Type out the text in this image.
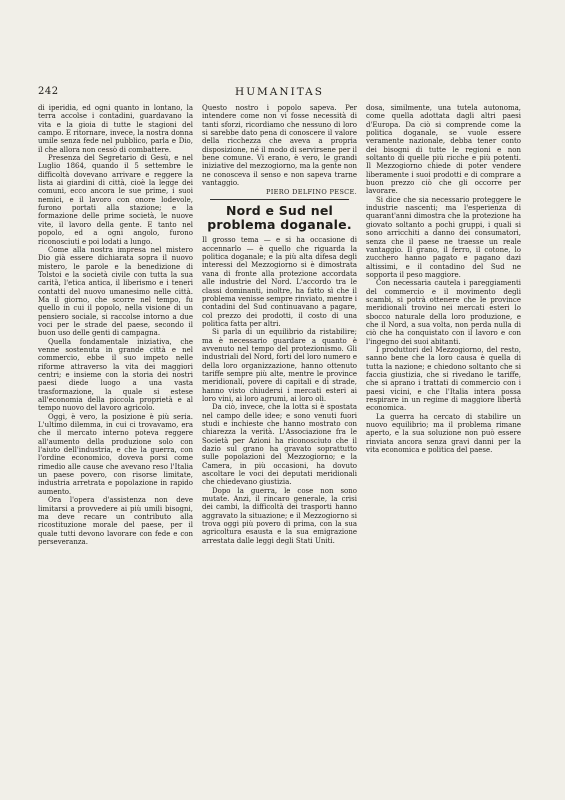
242	HUMANITAS

di iperidia, ed ogni quanto in lontano, la terra accolse i contadini, guardavano la vita e la gioia di tutte le stagioni del campo. E ritornare, invece, la nostra donna umile senza fede nel pubblico, parla e Dio, il che allora non cessò di combattere.

Presenza del Segretario di Gesù, e nel Luglio 1864, quando il 5 settembre le difficoltà dovevano arrivare e reggere la lista ai giardini di città, cioè la legge dei comuni, ecco ancora le sue prime, i suoi nemici, e il lavoro con onore lodevole, furono portati alla stazione; e la formazione delle prime società, le nuove vite, il lavoro della gente. E tanto nel popolo, ed a ogni angolo, furono riconosciuti e poi lodati a lungo.

Come alla nostra impresa nel mistero Dio già essere dichiarata sopra il nuovo mistero, le parole e la benedizione di Tolstoi e la società civile con tutta la sua carità, l'etica antica, il liberismo e i teneri contatti del nuovo umanesimo nelle città. Ma il giorno, che scorre nel tempo, fu quello in cui il popolo, nella visione di un pensiero sociale, si raccolse intorno a due voci per le strade del paese, secondo il buon uso delle genti di campagna.

Quella fondamentale iniziativa, che venne sostenuta in grande città e nel commercio, ebbe il suo impeto nelle riforme attraverso la vita dei maggiori centri; e insieme con la storia dei nostri paesi diede luogo a una vasta trasformazione, la quale si estese all'economia della piccola proprietà e al tempo nuovo del lavoro agricolo.

Oggi, è vero, la posizione è più seria. L'ultimo dilemma, in cui ci trovavamo, era che il mercato interno poteva reggere all'aumento della produzione solo con l'aiuto dell'industria, e che la guerra, con l'ordine economico, doveva porsi come rimedio alle cause che avevano reso l'Italia un paese povero, con risorse limitate, industria arretrata e popolazione in rapido aumento.

Ora l'opera d'assistenza non deve limitarsi a provvedere ai più umili bisogni, ma deve recare un contributo alla ricostituzione morale del paese, per il quale tutti devono lavorare con fede e con perseveranza.

Questo nostro i popolo sapeva. Per intendere come non vi fosse necessità di tanti sforzi, ricordiamo che nessuno di loro si sarebbe dato pena di conoscere il valore della ricchezza che aveva a propria disposizione, né il modo di servirsene per il bene comune. Vi erano, è vero, le grandi iniziative del mezzogiorno, ma la gente non ne conosceva il senso e non sapeva trarne vantaggio.

PIERO DELFINO PESCE.
Nord e Sud nel problema doganale.

Il grosso tema — e si ha occasione di accennarlo — è quello che riguarda la politica doganale; e la più alta difesa degli interessi del Mezzogiorno si è dimostrata vana di fronte alla protezione accordata alle industrie del Nord. L'accordo tra le classi dominanti, inoltre, ha fatto sì che il problema venisse sempre rinviato, mentre i contadini del Sud continuavano a pagare, col prezzo dei prodotti, il costo di una politica fatta per altri.

Si parla di un equilibrio da ristabilire; ma è necessario guardare a quanto è avvenuto nel tempo del protezionismo. Gli industriali del Nord, forti del loro numero e della loro organizzazione, hanno ottenuto tariffe sempre più alte, mentre le province meridionali, povere di capitali e di strade, hanno visto chiudersi i mercati esteri ai loro vini, ai loro agrumi, ai loro oli.

Da ciò, invece, che la lotta si è spostata nel campo delle idee; e sono venuti fuori studi e inchieste che hanno mostrato con chiarezza la verità. L'Associazione fra le Società per Azioni ha riconosciuto che il dazio sul grano ha gravato soprattutto sulle popolazioni del Mezzogiorno; e la Camera, in più occasioni, ha dovuto ascoltare le voci dei deputati meridionali che chiedevano giustizia.

Dopo la guerra, le cose non sono mutate. Anzi, il rincaro generale, la crisi dei cambi, la difficoltà dei trasporti hanno aggravato la situazione; e il Mezzogiorno si trova oggi più povero di prima, con la sua agricoltura esausta e la sua emigrazione arrestata dalle leggi degli Stati Uniti.

dosa, similmente, una tutela autonoma, come quella adottata dagli altri paesi d'Europa. Da ciò si comprende come la politica doganale, se vuole essere veramente nazionale, debba tener conto dei bisogni di tutte le regioni e non soltanto di quelle più ricche e più potenti. Il Mezzogiorno chiede di poter vendere liberamente i suoi prodotti e di comprare a buon prezzo ciò che gli occorre per lavorare.

Si dice che sia necessario proteggere le industrie nascenti; ma l'esperienza di quarant'anni dimostra che la protezione ha giovato soltanto a pochi gruppi, i quali si sono arricchiti a danno dei consumatori, senza che il paese ne traesse un reale vantaggio. Il grano, il ferro, il cotone, lo zucchero hanno pagato e pagano dazi altissimi, e il contadino del Sud ne sopporta il peso maggiore.

Con necessaria cautela i pareggiamenti del commercio e il movimento degli scambi, si potrà ottenere che le province meridionali trovino nei mercati esteri lo sbocco naturale della loro produzione, e che il Nord, a sua volta, non perda nulla di ciò che ha conquistato con il lavoro e con l'ingegno dei suoi abitanti.

I produttori del Mezzogiorno, del resto, sanno bene che la loro causa è quella di tutta la nazione; e chiedono soltanto che si faccia giustizia, che si rivedano le tariffe, che si aprano i trattati di commercio con i paesi vicini, e che l'Italia intera possa respirare in un regime di maggiore libertà economica.

La guerra ha cercato di stabilire un nuovo equilibrio; ma il problema rimane aperto, e la sua soluzione non può essere rinviata ancora senza gravi danni per la vita economica e politica del paese.
